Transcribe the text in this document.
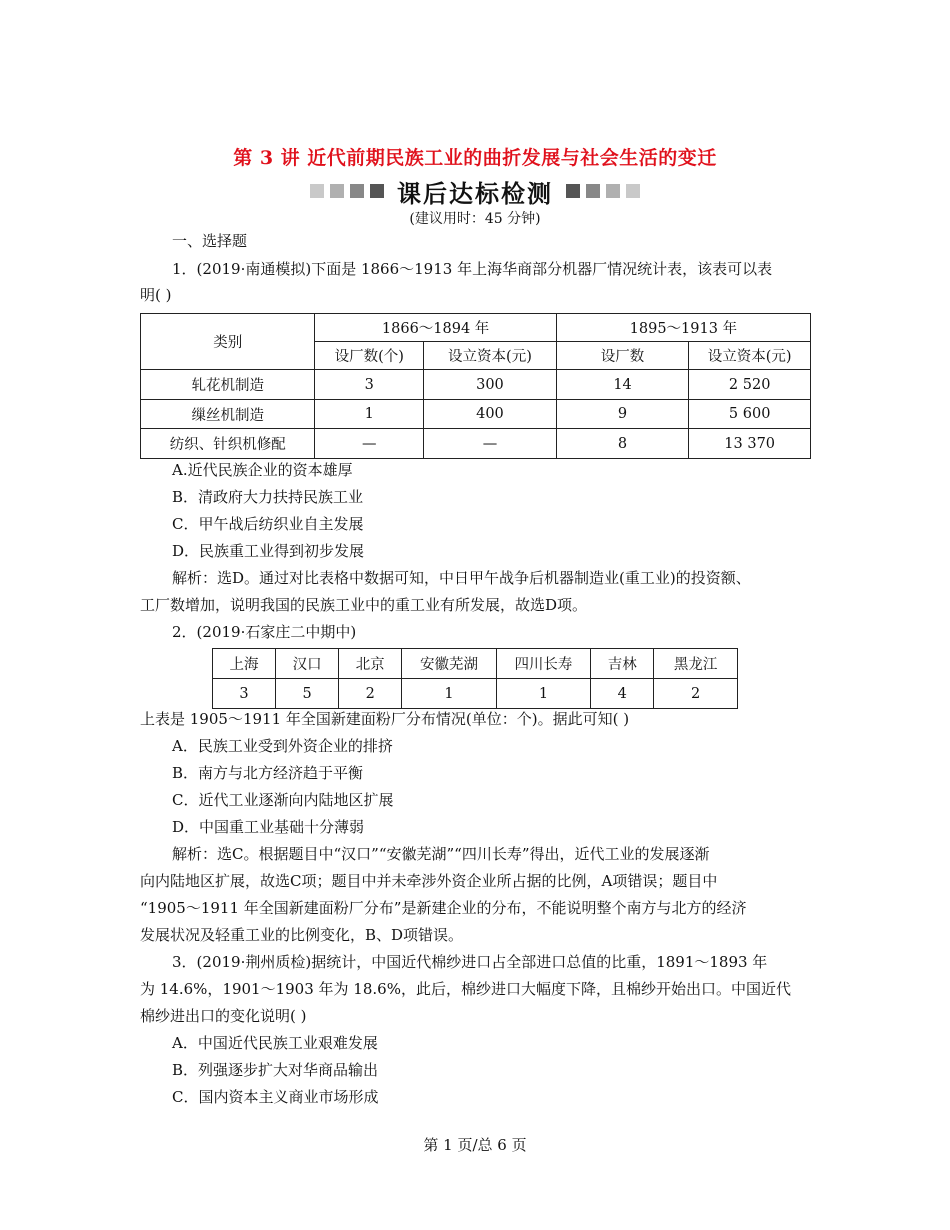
第 3 讲 近代前期民族工业的曲折发展与社会生活的变迁
课后达标检测
(建议用时：45 分钟)
一、选择题
1．(2019·南通模拟)下面是 1866～1913 年上海华商部分机器厂情况统计表，该表可以表
明( )
类别	1866～1894 年		1895～1913 年	
	设厂数(个)	设立资本(元)	设厂数	设立资本(元)
轧花机制造	3	300	14	2 520
缫丝机制造	1	400	9	5 600
纺织、针织机修配	—	—	8	13 370
A.近代民族企业的资本雄厚
B．清政府大力扶持民族工业
C．甲午战后纺织业自主发展
D．民族重工业得到初步发展
解析：选D。通过对比表格中数据可知，中日甲午战争后机器制造业(重工业)的投资额、
工厂数增加，说明我国的民族工业中的重工业有所发展，故选D项。
2．(2019·石家庄二中期中)
上海	汉口	北京	安徽芜湖	四川长寿	吉林	黑龙江
3	5	2	1	1	4	2
上表是 1905～1911 年全国新建面粉厂分布情况(单位：个)。据此可知( )
A．民族工业受到外资企业的排挤
B．南方与北方经济趋于平衡
C．近代工业逐渐向内陆地区扩展
D．中国重工业基础十分薄弱
解析：选C。根据题目中“汉口”“安徽芜湖”“四川长寿”得出，近代工业的发展逐渐
向内陆地区扩展，故选C项；题目中并未牵涉外资企业所占据的比例，A项错误；题目中
“1905～1911 年全国新建面粉厂分布”是新建企业的分布，不能说明整个南方与北方的经济
发展状况及轻重工业的比例变化，B、D项错误。
3．(2019·荆州质检)据统计，中国近代棉纱进口占全部进口总值的比重，1891～1893 年
为 14.6%，1901～1903 年为 18.6%，此后，棉纱进口大幅度下降，且棉纱开始出口。中国近代
棉纱进出口的变化说明( )
A．中国近代民族工业艰难发展
B．列强逐步扩大对华商品输出
C．国内资本主义商业市场形成
第 1 页/总 6 页
